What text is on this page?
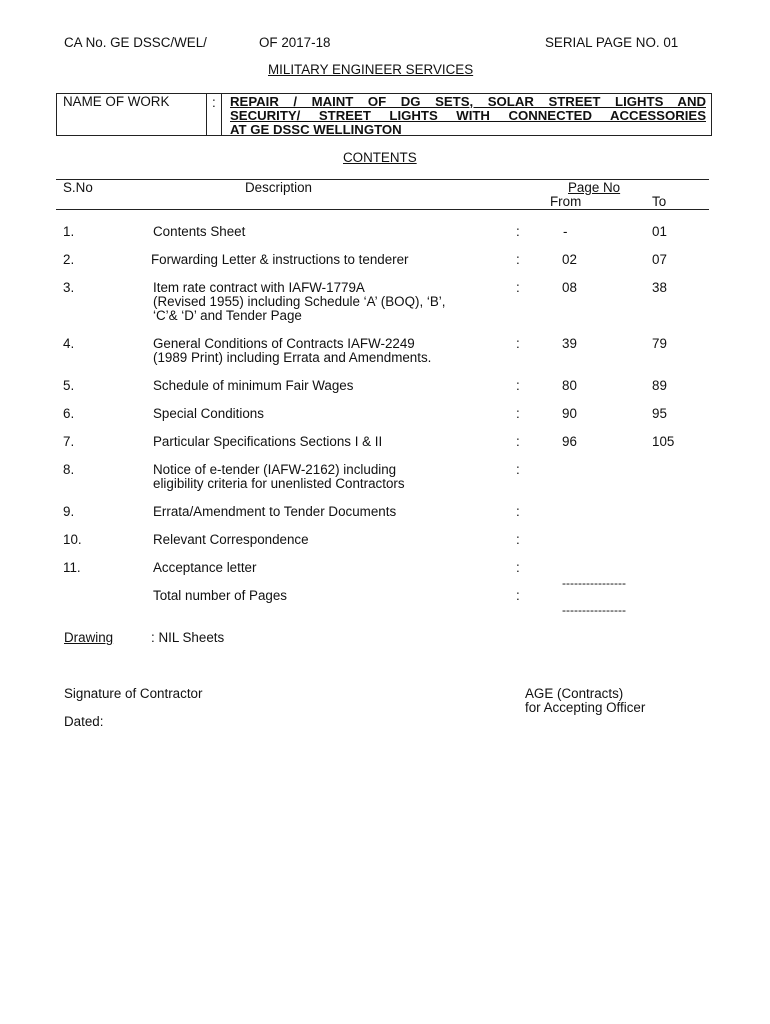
CA No. GE DSSC/WEL/	OF 2017-18	SERIAL PAGE NO. 01
MILITARY ENGINEER SERVICES
NAME OF WORK	: REPAIR / MAINT OF DG SETS, SOLAR STREET LIGHTS AND
SECURITY/ STREET LIGHTS WITH CONNECTED ACCESSORIES
AT GE DSSC WELLINGTON
CONTENTS
S.No	Description	Page No
From	To
1.	Contents Sheet	:	-	01
2.	Forwarding Letter & instructions to tenderer	:	02	07
3.	Item rate contract with IAFW-1779A
(Revised 1955) including Schedule ‘A’ (BOQ), ‘B’,
‘C’& ‘D’ and Tender Page
:	08	38
4.	General Conditions of Contracts IAFW-2249
(1989 Print) including Errata and Amendments.
:	39	79
5.	Schedule of minimum Fair Wages	:	80	89
6.	Special Conditions	:	90	95
7.	Particular Specifications Sections I & II	:	96	105
8.	Notice of e-tender (IAFW-2162) including
eligibility criteria for unenlisted Contractors
:
9.	Errata/Amendment to Tender Documents	:
10.	Relevant Correspondence	:
11.	Acceptance letter	:
----------------
Total number of Pages	:
----------------
Drawing	: NIL Sheets
Signature of Contractor	AGE (Contracts)
for Accepting Officer
Dated:
